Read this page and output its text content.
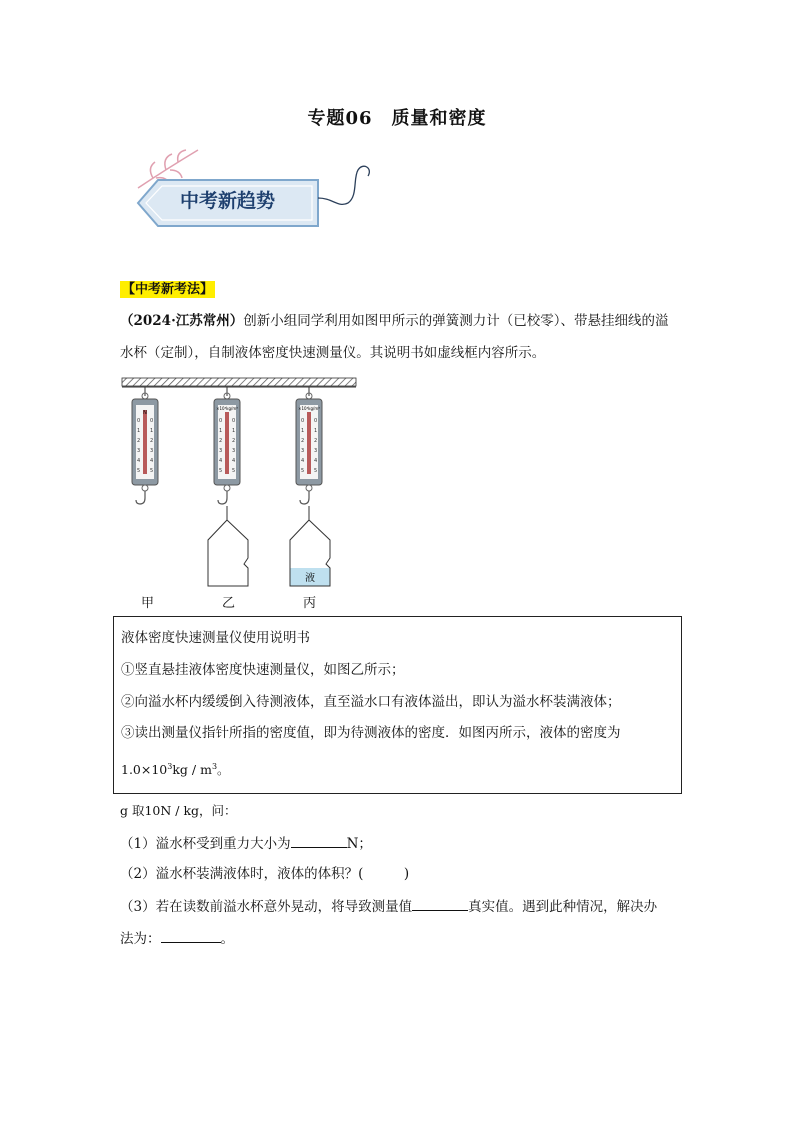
专题06　质量和密度
中考新趋势
【中考新考法】
（2024·江苏常州）创新小组同学利用如图甲所示的弹簧测力计（已校零）、带悬挂细线的溢
水杯（定制），自制液体密度快速测量仪。其说明书如虚线框内容所示。
N
0
1
2
3
4
5
0
1
2
3
4
5
×10³kg/m³
0
1
2
3
4
5
0
1
2
3
4
5
×10³kg/m³
0
1
2
3
4
5
0
1
2
3
4
5
液
甲	乙	丙
液体密度快速测量仪使用说明书
①竖直悬挂液体密度快速测量仪，如图乙所示；
②向溢水杯内缓缓倒入待测液体，直至溢水口有液体溢出，即认为溢水杯装满液体；
③读出测量仪指针所指的密度值，即为待测液体的密度．如图丙所示，液体的密度为
$1.0\times 10^3kg / m^3$。
g 取10N / kg，问：
（1）溢水杯受到重力大小为	N；
（2）溢水杯装满液体时，液体的体积？(　　　)
（3）若在读数前溢水杯意外晃动，将导致测量值	真实值。遇到此种情况，解决办
法为：	。
